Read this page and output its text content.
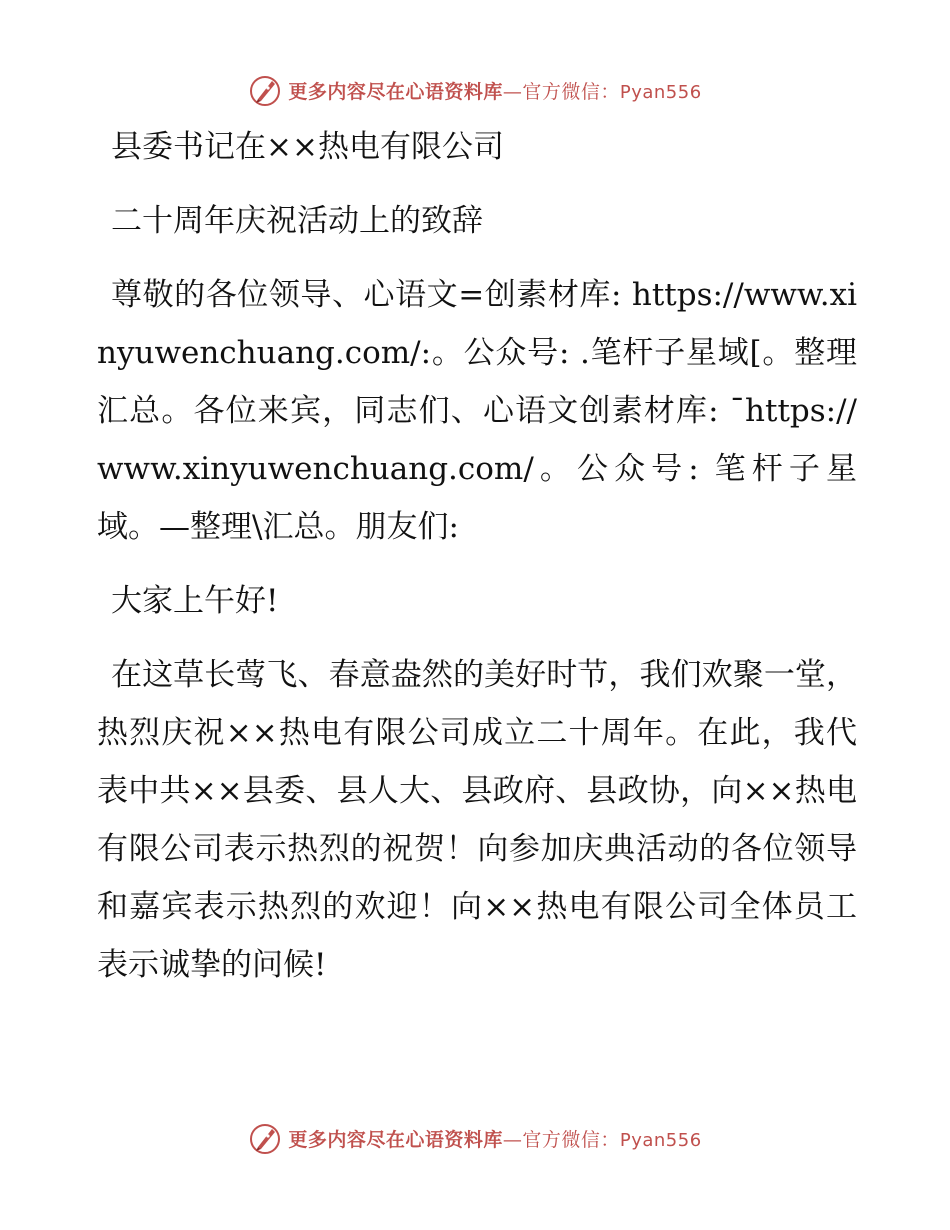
更多内容尽在心语资料库—官方微信：Pyan556

县委书记在××热电有限公司

二十周年庆祝活动上的致辞

尊敬的各位领导、心语文=创素材库: https://www.xinyuwenchuang.com/:。公众号: .笔杆子星域[。整理汇总。各位来宾，同志们、心语文创素材库: ¯https://www.xinyuwenchuang.com/。公众号: 笔杆子星域。—整理\汇总。朋友们:

大家上午好!

在这草长莺飞、春意盎然的美好时节，我们欢聚一堂，热烈庆祝××热电有限公司成立二十周年。在此，我代表中共××县委、县人大、县政府、县政协，向××热电有限公司表示热烈的祝贺！向参加庆典活动的各位领导和嘉宾表示热烈的欢迎！向××热电有限公司全体员工表示诚挚的问候!

更多内容尽在心语资料库—官方微信：Pyan556
